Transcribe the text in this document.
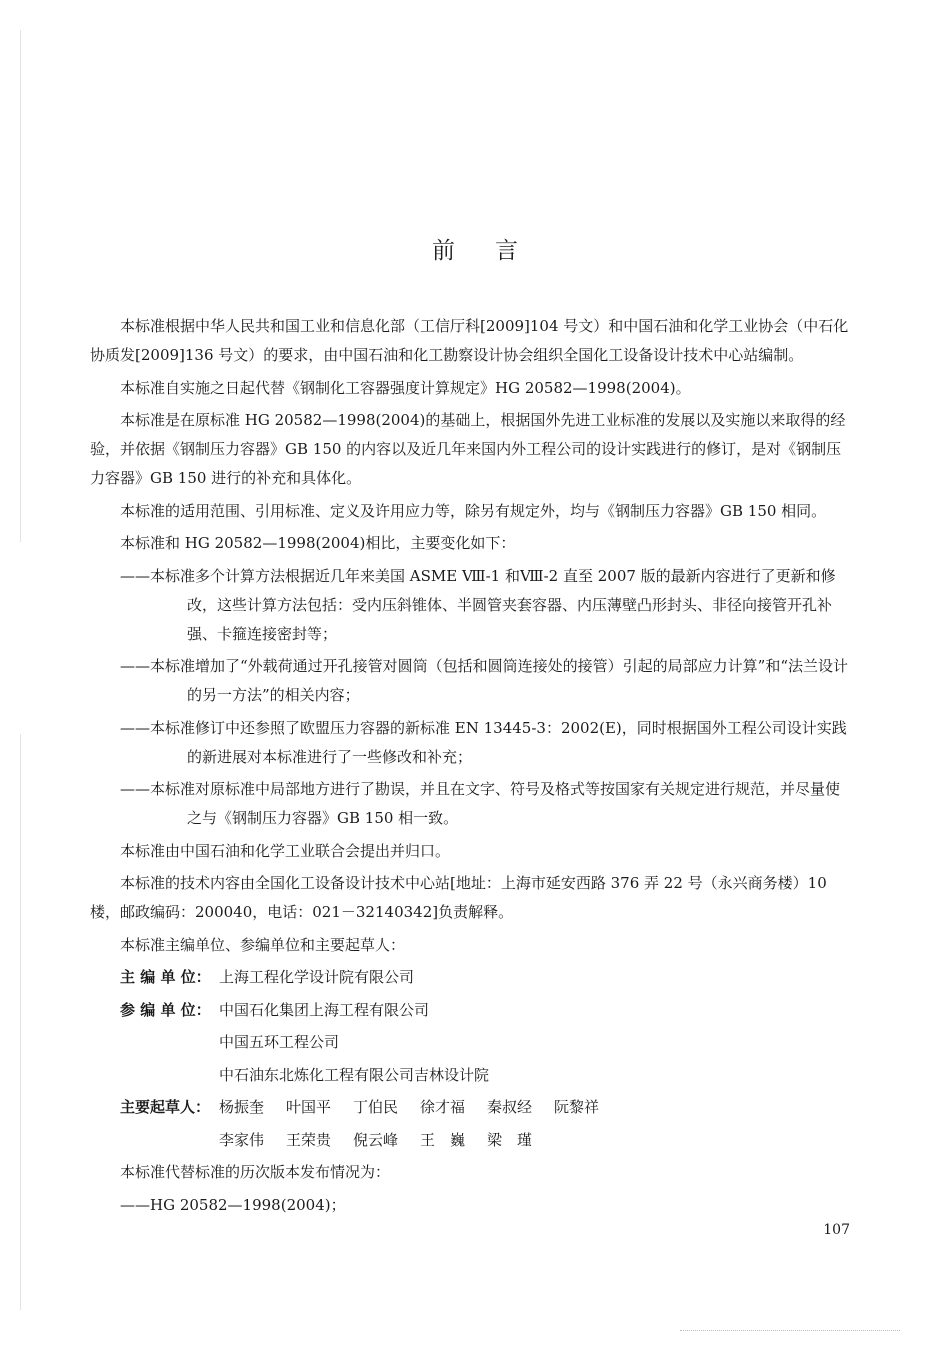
前言
本标准根据中华人民共和国工业和信息化部（工信厅科[2009]104 号文）和中国石油和化学工业协会（中石化协质发[2009]136 号文）的要求，由中国石油和化工勘察设计协会组织全国化工设备设计技术中心站编制。
本标准自实施之日起代替《钢制化工容器强度计算规定》HG 20582—1998(2004)。
本标准是在原标准 HG 20582—1998(2004)的基础上，根据国外先进工业标准的发展以及实施以来取得的经验，并依据《钢制压力容器》GB 150 的内容以及近几年来国内外工程公司的设计实践进行的修订，是对《钢制压力容器》GB 150 进行的补充和具体化。
本标准的适用范围、引用标准、定义及许用应力等，除另有规定外，均与《钢制压力容器》GB 150 相同。
本标准和 HG 20582—1998(2004)相比，主要变化如下：
——本标准多个计算方法根据近几年来美国 ASME Ⅷ-1 和Ⅷ-2 直至 2007 版的最新内容进行了更新和修改，这些计算方法包括：受内压斜锥体、半圆管夹套容器、内压薄壁凸形封头、非径向接管开孔补强、卡箍连接密封等；
——本标准增加了“外载荷通过开孔接管对圆筒（包括和圆筒连接处的接管）引起的局部应力计算”和“法兰设计的另一方法”的相关内容；
——本标准修订中还参照了欧盟压力容器的新标准 EN 13445-3：2002(E)，同时根据国外工程公司设计实践的新进展对本标准进行了一些修改和补充；
——本标准对原标准中局部地方进行了勘误，并且在文字、符号及格式等按国家有关规定进行规范，并尽量使之与《钢制压力容器》GB 150 相一致。
本标准由中国石油和化学工业联合会提出并归口。
本标准的技术内容由全国化工设备设计技术中心站[地址：上海市延安西路 376 弄 22 号（永兴商务楼）10 楼，邮政编码：200040，电话：021－32140342]负责解释。
本标准主编单位、参编单位和主要起草人：
主 编 单 位： 上海工程化学设计院有限公司
参 编 单 位： 中国石化集团上海工程有限公司
中国五环工程公司
中石油东北炼化工程有限公司吉林设计院
主要起草人： 杨振奎	叶国平	丁伯民	徐才福	秦叔经	阮黎祥
李家伟	王荣贵	倪云峰	王　巍	梁　瑾
本标准代替标准的历次版本发布情况为：
——HG 20582—1998(2004)；
107
